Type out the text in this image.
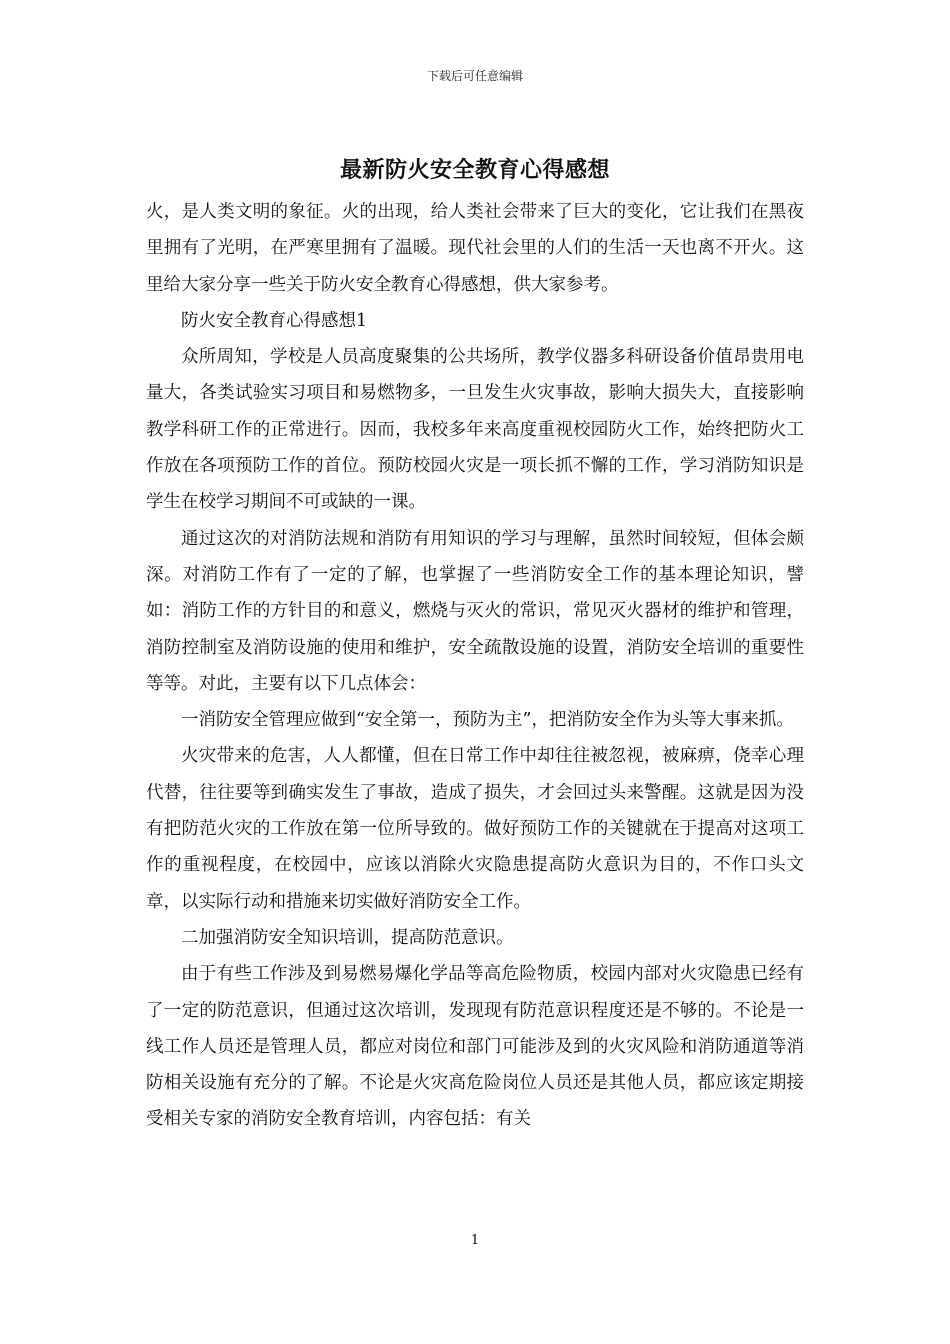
下载后可任意编辑
最新防火安全教育心得感想

火，是人类文明的象征。火的出现，给人类社会带来了巨大的变化，它让我们在黑夜里拥有了光明，在严寒里拥有了温暖。现代社会里的人们的生活一天也离不开火。这里给大家分享一些关于防火安全教育心得感想，供大家参考。

防火安全教育心得感想1

众所周知，学校是人员高度聚集的公共场所，教学仪器多科研设备价值昂贵用电量大，各类试验实习项目和易燃物多，一旦发生火灾事故，影响大损失大，直接影响教学科研工作的正常进行。因而，我校多年来高度重视校园防火工作，始终把防火工作放在各项预防工作的首位。预防校园火灾是一项长抓不懈的工作，学习消防知识是学生在校学习期间不可或缺的一课。

通过这次的对消防法规和消防有用知识的学习与理解，虽然时间较短，但体会颇深。对消防工作有了一定的了解，也掌握了一些消防安全工作的基本理论知识，譬如：消防工作的方针目的和意义，燃烧与灭火的常识，常见灭火器材的维护和管理，消防控制室及消防设施的使用和维护，安全疏散设施的设置，消防安全培训的重要性等等。对此，主要有以下几点体会：

一消防安全管理应做到“安全第一，预防为主”，把消防安全作为头等大事来抓。

火灾带来的危害，人人都懂，但在日常工作中却往往被忽视，被麻痹，侥幸心理代替，往往要等到确实发生了事故，造成了损失，才会回过头来警醒。这就是因为没有把防范火灾的工作放在第一位所导致的。做好预防工作的关键就在于提高对这项工作的重视程度，在校园中，应该以消除火灾隐患提高防火意识为目的，不作口头文章，以实际行动和措施来切实做好消防安全工作。

二加强消防安全知识培训，提高防范意识。

由于有些工作涉及到易燃易爆化学品等高危险物质，校园内部对火灾隐患已经有了一定的防范意识，但通过这次培训，发现现有防范意识程度还是不够的。不论是一线工作人员还是管理人员，都应对岗位和部门可能涉及到的火灾风险和消防通道等消防相关设施有充分的了解。不论是火灾高危险岗位人员还是其他人员，都应该定期接受相关专家的消防安全教育培训，内容包括：有关

1
